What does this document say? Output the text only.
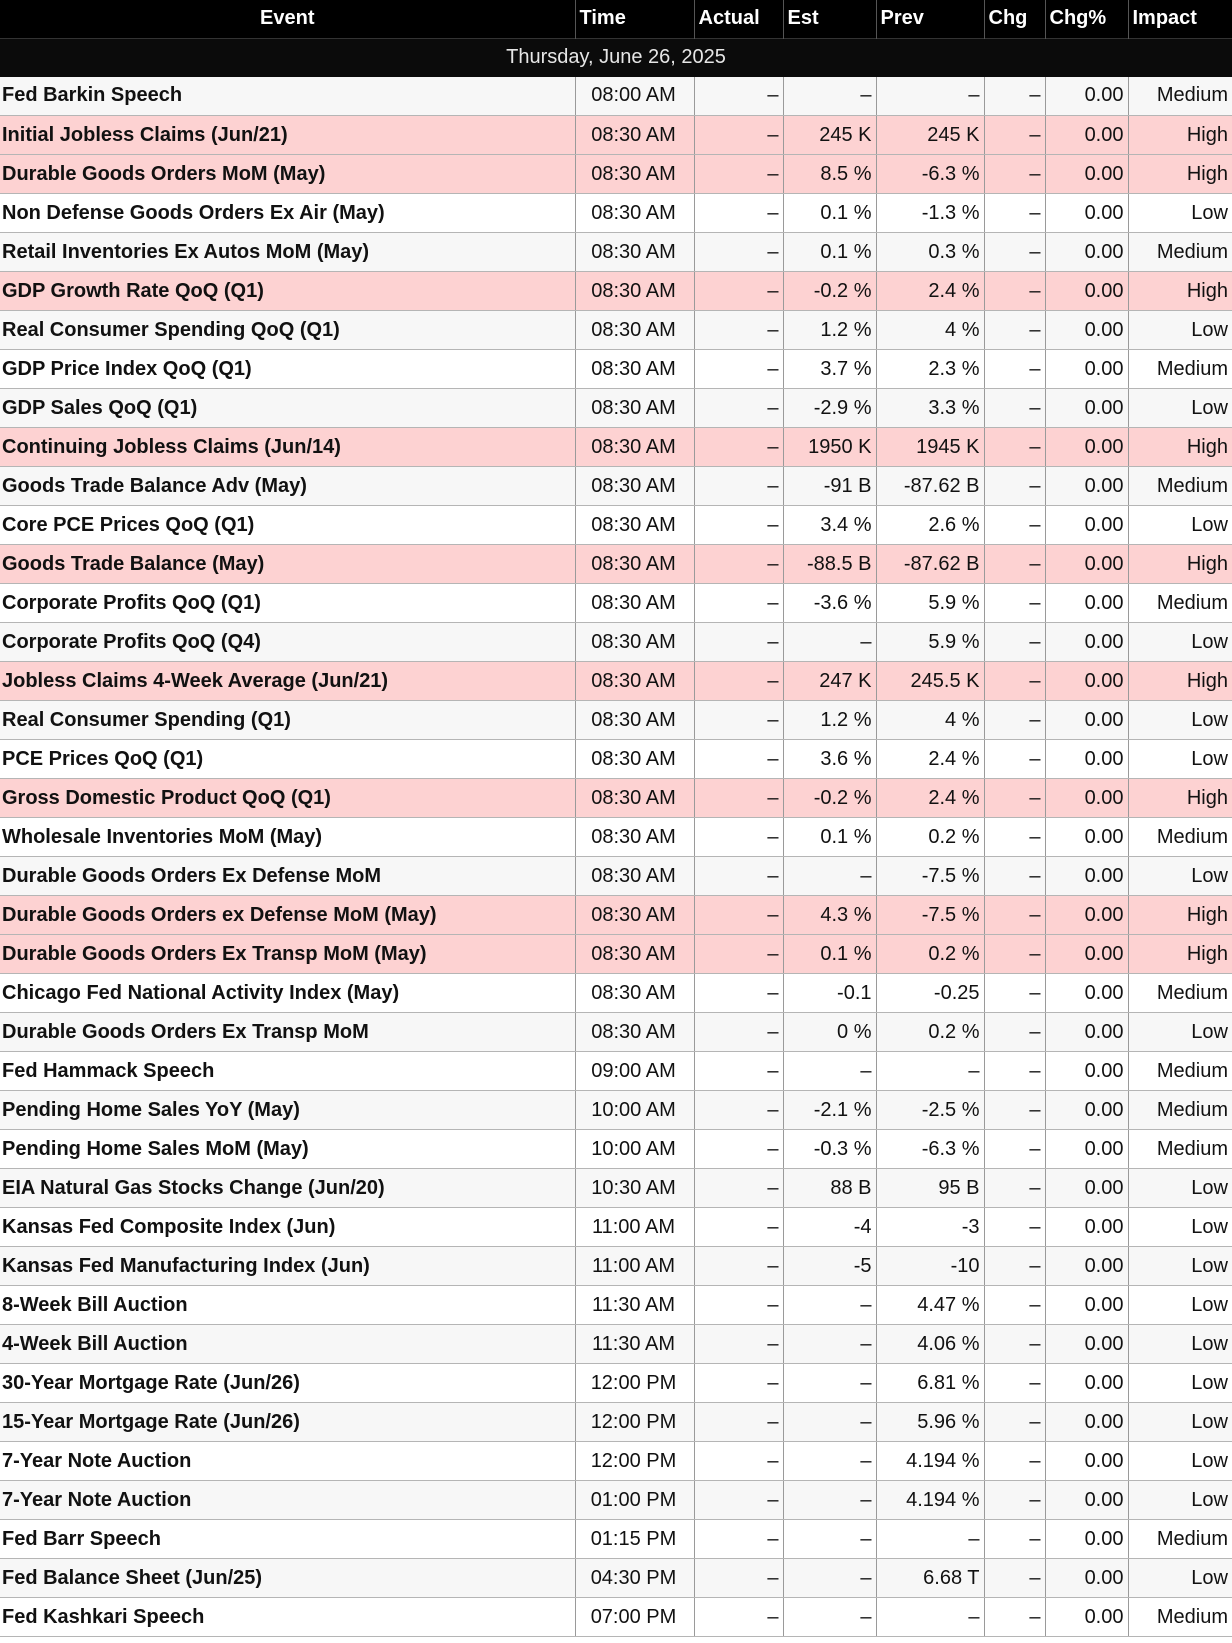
Event	Time	Actual	Est	Prev	Chg	Chg%	Impact
Thursday, June 26, 2025							
Fed Barkin Speech	08:00 AM	–	–	–	–	0.00	Medium
Initial Jobless Claims (Jun/21)	08:30 AM	–	245 K	245 K	–	0.00	High
Durable Goods Orders MoM (May)	08:30 AM	–	8.5 %	-6.3 %	–	0.00	High
Non Defense Goods Orders Ex Air (May)	08:30 AM	–	0.1 %	-1.3 %	–	0.00	Low
Retail Inventories Ex Autos MoM (May)	08:30 AM	–	0.1 %	0.3 %	–	0.00	Medium
GDP Growth Rate QoQ (Q1)	08:30 AM	–	-0.2 %	2.4 %	–	0.00	High
Real Consumer Spending QoQ (Q1)	08:30 AM	–	1.2 %	4 %	–	0.00	Low
GDP Price Index QoQ (Q1)	08:30 AM	–	3.7 %	2.3 %	–	0.00	Medium
GDP Sales QoQ (Q1)	08:30 AM	–	-2.9 %	3.3 %	–	0.00	Low
Continuing Jobless Claims (Jun/14)	08:30 AM	–	1950 K	1945 K	–	0.00	High
Goods Trade Balance Adv (May)	08:30 AM	–	-91 B	-87.62 B	–	0.00	Medium
Core PCE Prices QoQ (Q1)	08:30 AM	–	3.4 %	2.6 %	–	0.00	Low
Goods Trade Balance (May)	08:30 AM	–	-88.5 B	-87.62 B	–	0.00	High
Corporate Profits QoQ (Q1)	08:30 AM	–	-3.6 %	5.9 %	–	0.00	Medium
Corporate Profits QoQ (Q4)	08:30 AM	–	–	5.9 %	–	0.00	Low
Jobless Claims 4-Week Average (Jun/21)	08:30 AM	–	247 K	245.5 K	–	0.00	High
Real Consumer Spending (Q1)	08:30 AM	–	1.2 %	4 %	–	0.00	Low
PCE Prices QoQ (Q1)	08:30 AM	–	3.6 %	2.4 %	–	0.00	Low
Gross Domestic Product QoQ (Q1)	08:30 AM	–	-0.2 %	2.4 %	–	0.00	High
Wholesale Inventories MoM (May)	08:30 AM	–	0.1 %	0.2 %	–	0.00	Medium
Durable Goods Orders Ex Defense MoM	08:30 AM	–	–	-7.5 %	–	0.00	Low
Durable Goods Orders ex Defense MoM (May)	08:30 AM	–	4.3 %	-7.5 %	–	0.00	High
Durable Goods Orders Ex Transp MoM (May)	08:30 AM	–	0.1 %	0.2 %	–	0.00	High
Chicago Fed National Activity Index (May)	08:30 AM	–	-0.1	-0.25	–	0.00	Medium
Durable Goods Orders Ex Transp MoM	08:30 AM	–	0 %	0.2 %	–	0.00	Low
Fed Hammack Speech	09:00 AM	–	–	–	–	0.00	Medium
Pending Home Sales YoY (May)	10:00 AM	–	-2.1 %	-2.5 %	–	0.00	Medium
Pending Home Sales MoM (May)	10:00 AM	–	-0.3 %	-6.3 %	–	0.00	Medium
EIA Natural Gas Stocks Change (Jun/20)	10:30 AM	–	88 B	95 B	–	0.00	Low
Kansas Fed Composite Index (Jun)	11:00 AM	–	-4	-3	–	0.00	Low
Kansas Fed Manufacturing Index (Jun)	11:00 AM	–	-5	-10	–	0.00	Low
8-Week Bill Auction	11:30 AM	–	–	4.47 %	–	0.00	Low
4-Week Bill Auction	11:30 AM	–	–	4.06 %	–	0.00	Low
30-Year Mortgage Rate (Jun/26)	12:00 PM	–	–	6.81 %	–	0.00	Low
15-Year Mortgage Rate (Jun/26)	12:00 PM	–	–	5.96 %	–	0.00	Low
7-Year Note Auction	12:00 PM	–	–	4.194 %	–	0.00	Low
7-Year Note Auction	01:00 PM	–	–	4.194 %	–	0.00	Low
Fed Barr Speech	01:15 PM	–	–	–	–	0.00	Medium
Fed Balance Sheet (Jun/25)	04:30 PM	–	–	6.68 T	–	0.00	Low
Fed Kashkari Speech	07:00 PM	–	–	–	–	0.00	Medium
